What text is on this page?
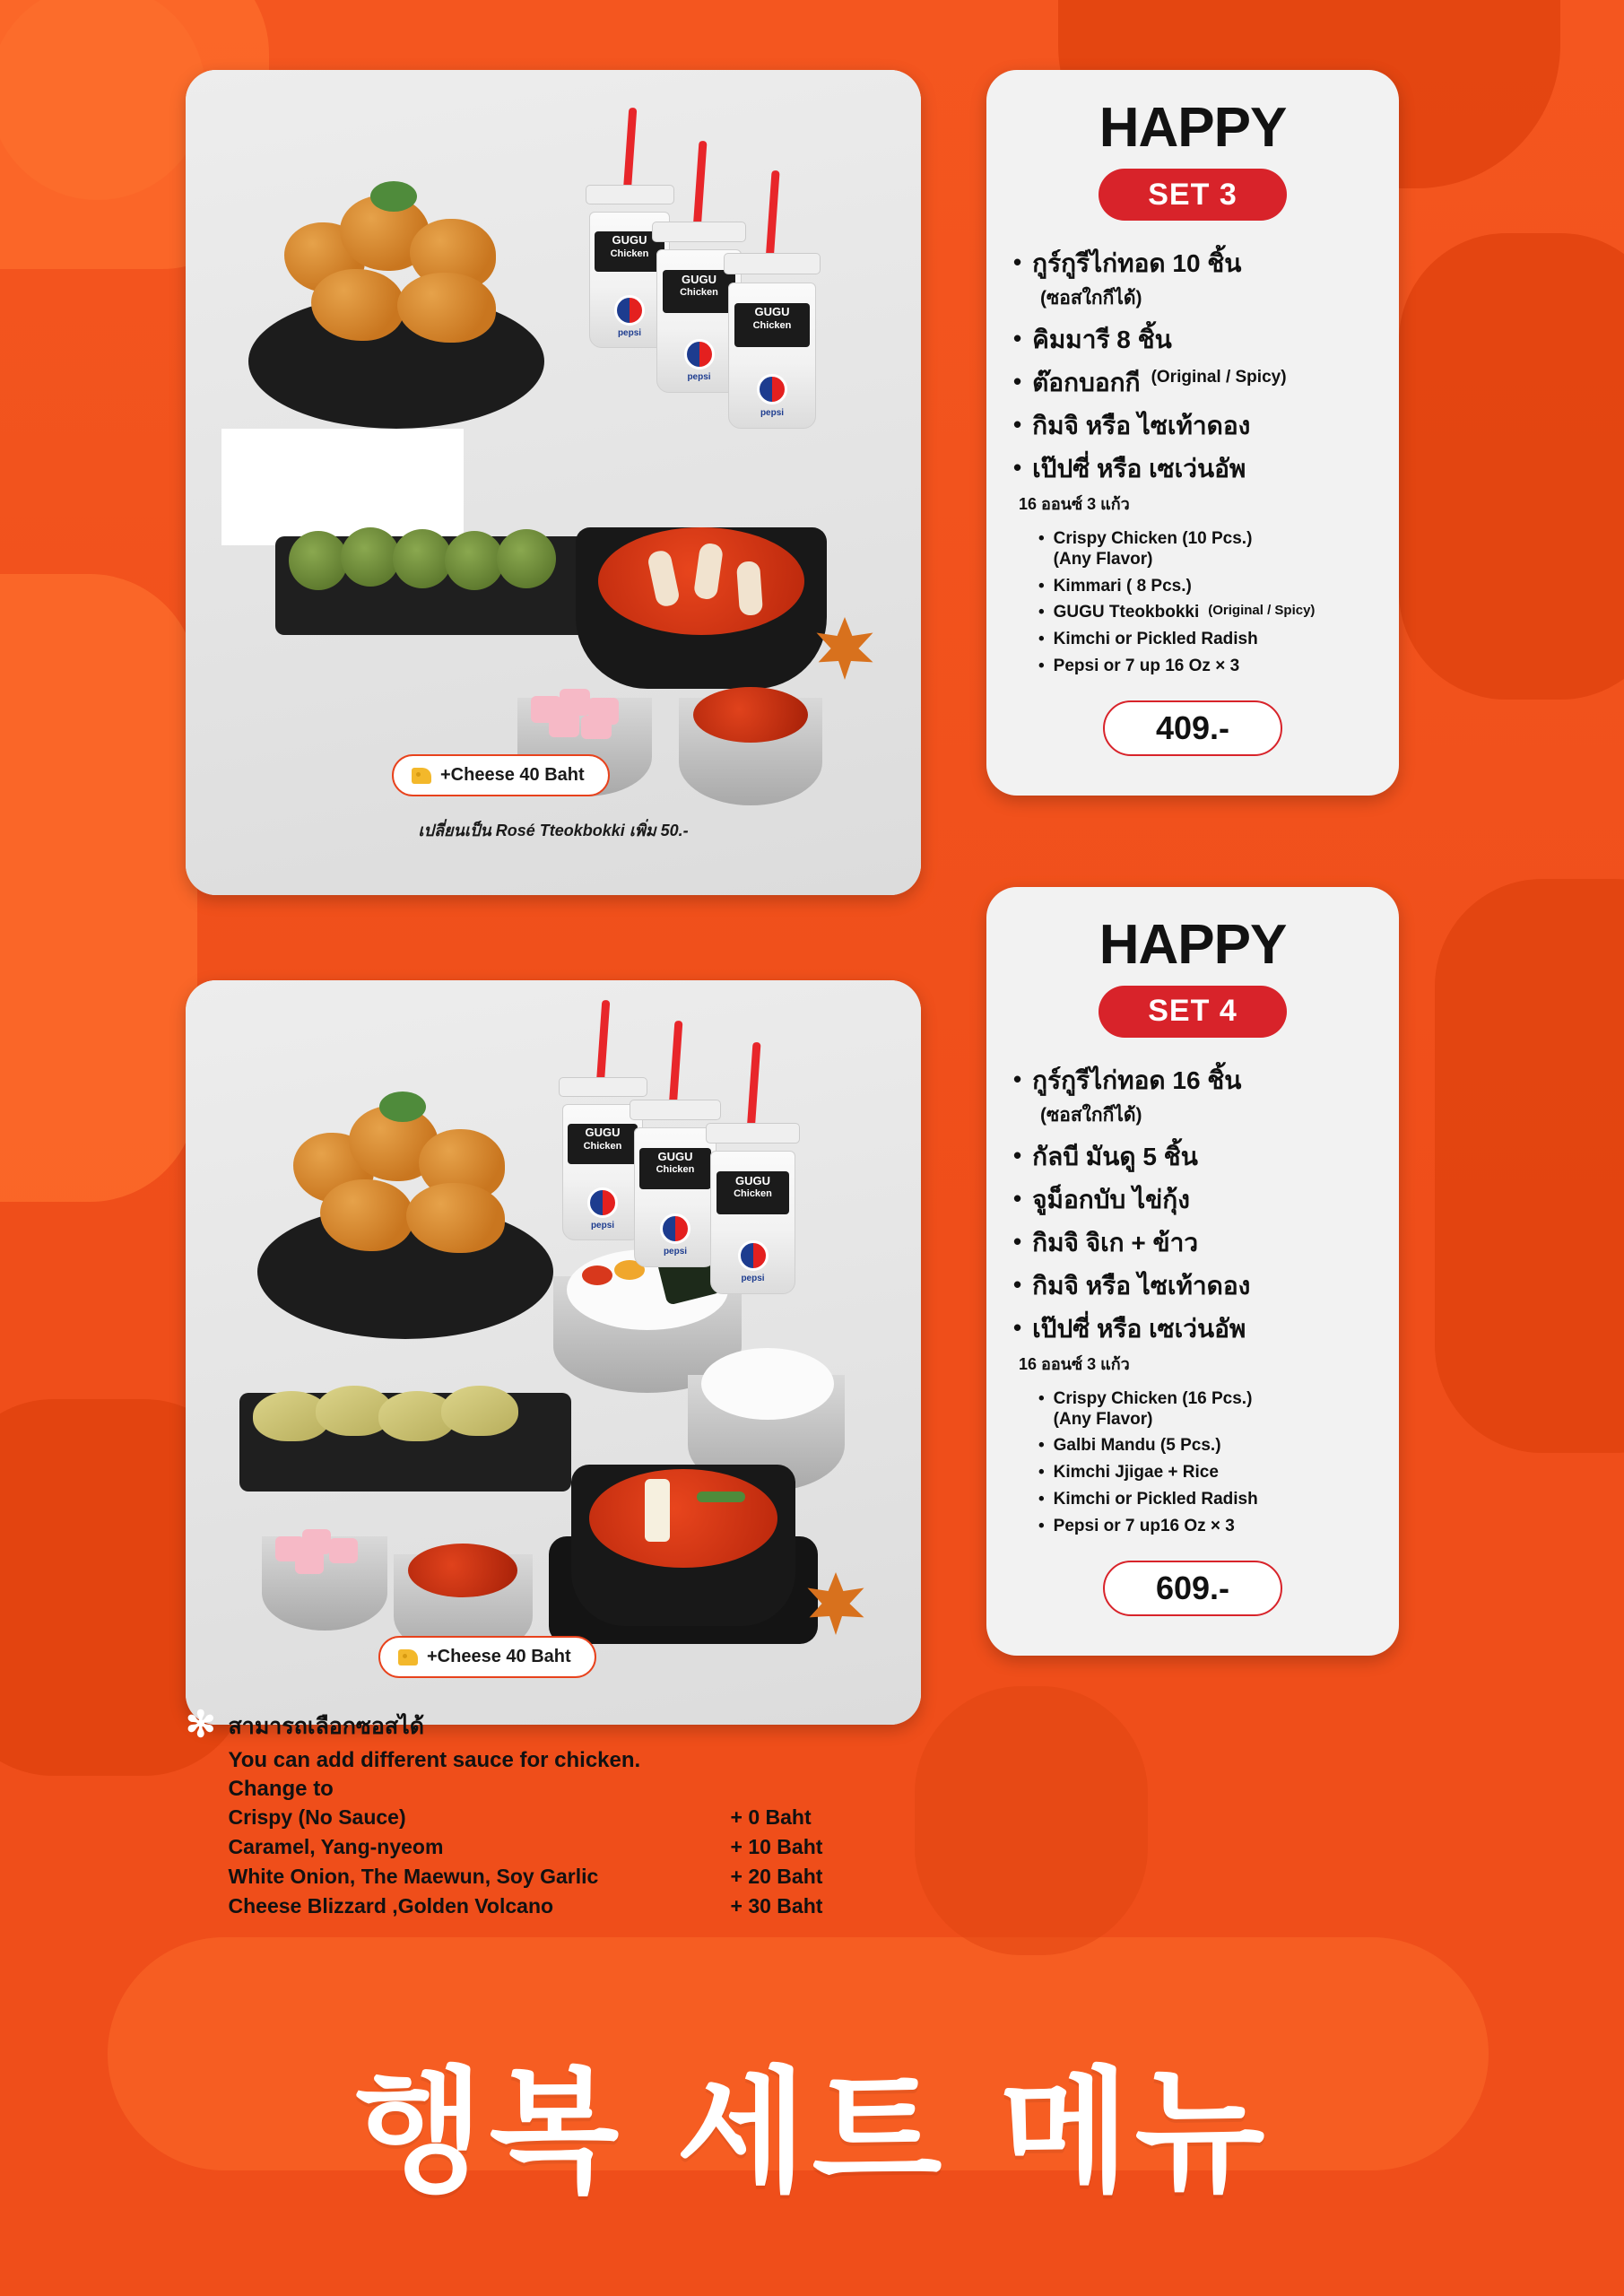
GUGU
Chicken
pepsi
GUGU
Chicken
pepsi
GUGU
Chicken
pepsi
+Cheese 40 Baht
เปลี่ยนเป็น Rosé Tteokbokki เพิ่ม 50.-
GUGU
Chicken
pepsi
GUGU
Chicken
pepsi
GUGU
Chicken
pepsi
+Cheese 40 Baht
HAPPY
SET 3
• กูร์กูรีไก่ทอด 10 ชิ้น
(ซอสใกกีได้)
• คิมมารี 8 ชิ้น
• ต๊อกบอกกี (Original / Spicy)
• กิมจิ หรือ ไซเท้าดอง
• เป๊ปซี่ หรือ เซเว่นอัพ
16 ออนซ์ 3 แก้ว
• Crispy Chicken (10 Pcs.)
(Any Flavor)
• Kimmari ( 8 Pcs.)
• GUGU Tteokbokki (Original / Spicy)
• Kimchi or Pickled Radish
• Pepsi or 7 up 16 Oz × 3
409.-
HAPPY
SET 4
• กูร์กูรีไก่ทอด 16 ชิ้น
(ซอสใกกีได้)
• กัลบี มันดู 5 ชิ้น
• จูม็อกบับ ไข่กุ้ง
• กิมจิ จิเก + ข้าว
• กิมจิ หรือ ไซเท้าดอง
• เป๊ปซี่ หรือ เซเว่นอัพ
16 ออนซ์ 3 แก้ว
• Crispy Chicken (16 Pcs.)
(Any Flavor)
• Galbi Mandu (5 Pcs.)
• Kimchi Jjigae + Rice
• Kimchi or Pickled Radish
• Pepsi or 7 up16 Oz × 3
609.-
✻ สามารถเลือกซอสได้
You can add different sauce for chicken.
Change to
Crispy (No Sauce)	+ 0 Baht
Caramel, Yang-nyeom	+ 10 Baht
White Onion, The Maewun, Soy Garlic	+ 20 Baht
Cheese Blizzard ,Golden Volcano	+ 30 Baht
행복 세트 메뉴
